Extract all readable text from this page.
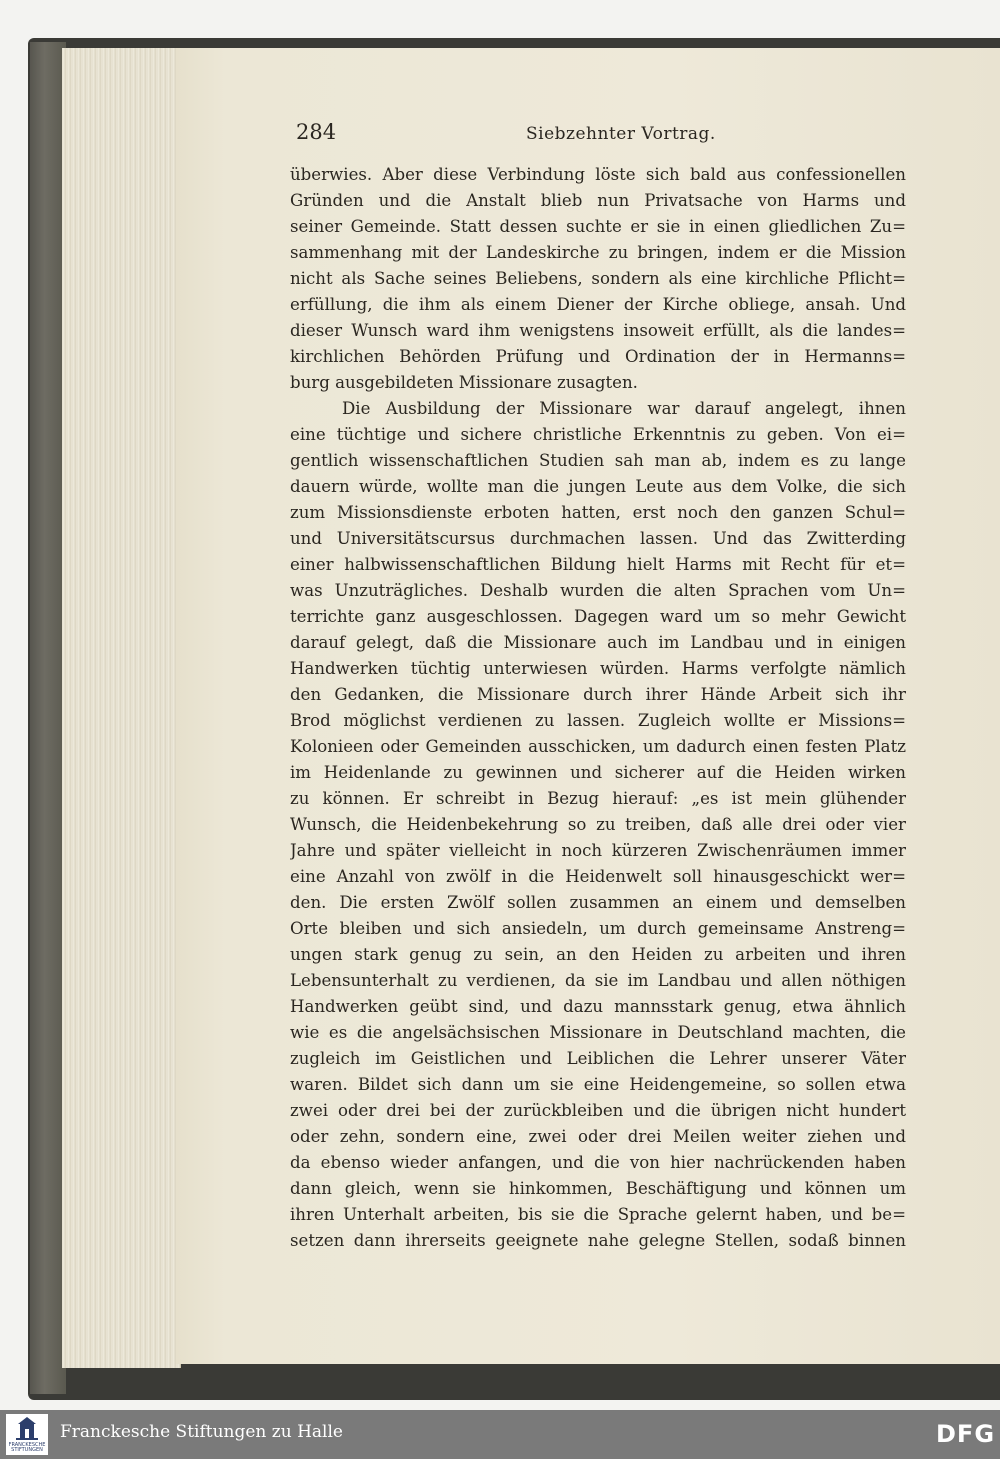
284	Siebzehnter Vortrag.
überwies. Aber diese Verbindung löste sich bald aus confessionellen
Gründen und die Anstalt blieb nun Privatsache von Harms und
seiner Gemeinde. Statt dessen suchte er sie in einen gliedlichen Zu=
sammenhang mit der Landeskirche zu bringen, indem er die Mission
nicht als Sache seines Beliebens, sondern als eine kirchliche Pflicht=
erfüllung, die ihm als einem Diener der Kirche obliege, ansah. Und
dieser Wunsch ward ihm wenigstens insoweit erfüllt, als die landes=
kirchlichen Behörden Prüfung und Ordination der in Hermanns=
burg ausgebildeten Missionare zusagten.
Die Ausbildung der Missionare war darauf angelegt, ihnen
eine tüchtige und sichere christliche Erkenntnis zu geben. Von ei=
gentlich wissenschaftlichen Studien sah man ab, indem es zu lange
dauern würde, wollte man die jungen Leute aus dem Volke, die sich
zum Missionsdienste erboten hatten, erst noch den ganzen Schul=
und Universitätscursus durchmachen lassen. Und das Zwitterding
einer halbwissenschaftlichen Bildung hielt Harms mit Recht für et=
was Unzuträgliches. Deshalb wurden die alten Sprachen vom Un=
terrichte ganz ausgeschlossen. Dagegen ward um so mehr Gewicht
darauf gelegt, daß die Missionare auch im Landbau und in einigen
Handwerken tüchtig unterwiesen würden. Harms verfolgte nämlich
den Gedanken, die Missionare durch ihrer Hände Arbeit sich ihr
Brod möglichst verdienen zu lassen. Zugleich wollte er Missions=
Kolonieen oder Gemeinden ausschicken, um dadurch einen festen Platz
im Heidenlande zu gewinnen und sicherer auf die Heiden wirken
zu können. Er schreibt in Bezug hierauf: „es ist mein glühender
Wunsch, die Heidenbekehrung so zu treiben, daß alle drei oder vier
Jahre und später vielleicht in noch kürzeren Zwischenräumen immer
eine Anzahl von zwölf in die Heidenwelt soll hinausgeschickt wer=
den. Die ersten Zwölf sollen zusammen an einem und demselben
Orte bleiben und sich ansiedeln, um durch gemeinsame Anstreng=
ungen stark genug zu sein, an den Heiden zu arbeiten und ihren
Lebensunterhalt zu verdienen, da sie im Landbau und allen nöthigen
Handwerken geübt sind, und dazu mannsstark genug, etwa ähnlich
wie es die angelsächsischen Missionare in Deutschland machten, die
zugleich im Geistlichen und Leiblichen die Lehrer unserer Väter
waren. Bildet sich dann um sie eine Heidengemeine, so sollen etwa
zwei oder drei bei der zurückbleiben und die übrigen nicht hundert
oder zehn, sondern eine, zwei oder drei Meilen weiter ziehen und
da ebenso wieder anfangen, und die von hier nachrückenden haben
dann gleich, wenn sie hinkommen, Beschäftigung und können um
ihren Unterhalt arbeiten, bis sie die Sprache gelernt haben, und be=
setzen dann ihrerseits geeignete nahe gelegne Stellen, sodaß binnen
FRANCKESCHE STIFTUNGEN
Franckesche Stiftungen zu Halle	DFG
